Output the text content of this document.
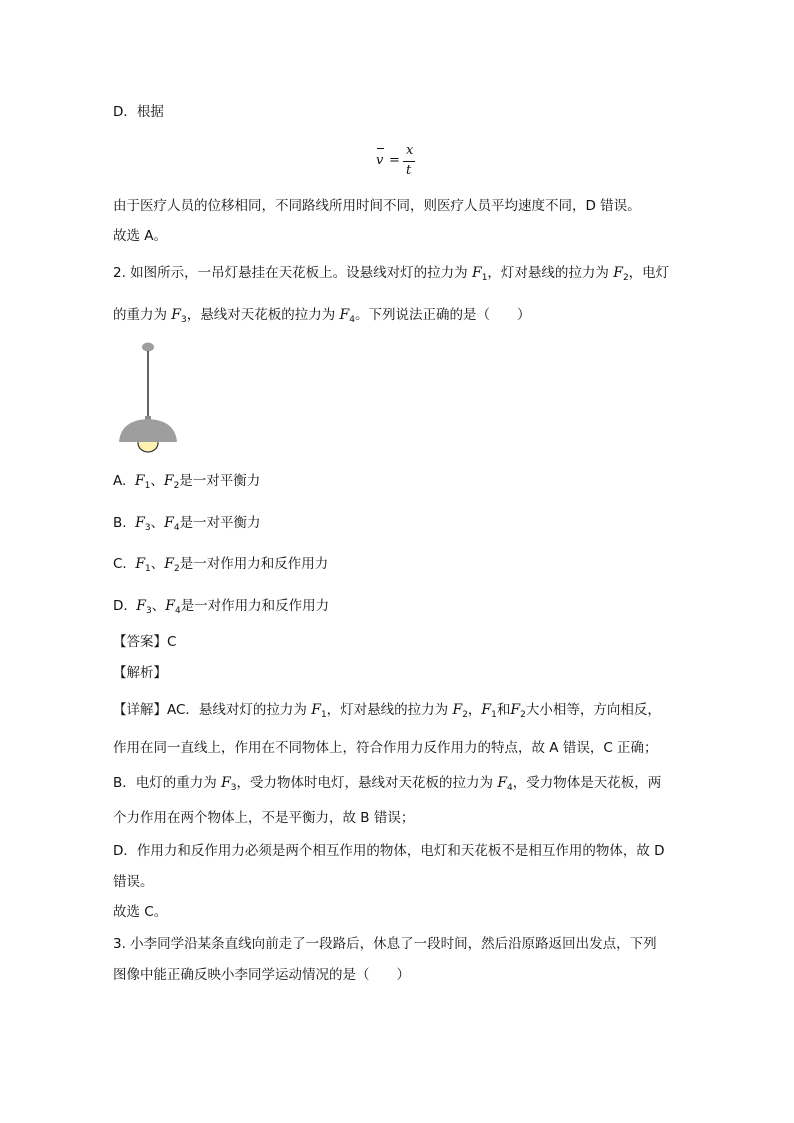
D．根据
v =
x
t
由于医疗人员的位移相同，不同路线所用时间不同，则医疗人员平均速度不同，D 错误。
故选 A。
2. 如图所示，一吊灯悬挂在天花板上。设悬线对灯的拉力为 $F_1$，灯对悬线的拉力为 $F_2$，电灯
的重力为 $F_3$，悬线对天花板的拉力为 $F_4$。下列说法正确的是（　　）
A. $F_1$、$F_2$是一对平衡力
B. $F_3$、$F_4$是一对平衡力
C. $F_1$、$F_2$是一对作用力和反作用力
D. $F_3$、$F_4$是一对作用力和反作用力
【答案】C
【解析】
【详解】AC．悬线对灯的拉力为 $F_1$，灯对悬线的拉力为 $F_2$，$F_1$和$F_2$大小相等，方向相反，
作用在同一直线上，作用在不同物体上，符合作用力反作用力的特点，故 A 错误，C 正确；
B．电灯的重力为 $F_3$，受力物体时电灯，悬线对天花板的拉力为 $F_4$，受力物体是天花板，两
个力作用在两个物体上，不是平衡力，故 B 错误；
D．作用力和反作用力必须是两个相互作用的物体，电灯和天花板不是相互作用的物体，故 D
错误。
故选 C。
3. 小李同学沿某条直线向前走了一段路后，休息了一段时间，然后沿原路返回出发点，下列
图像中能正确反映小李同学运动情况的是（　　）
